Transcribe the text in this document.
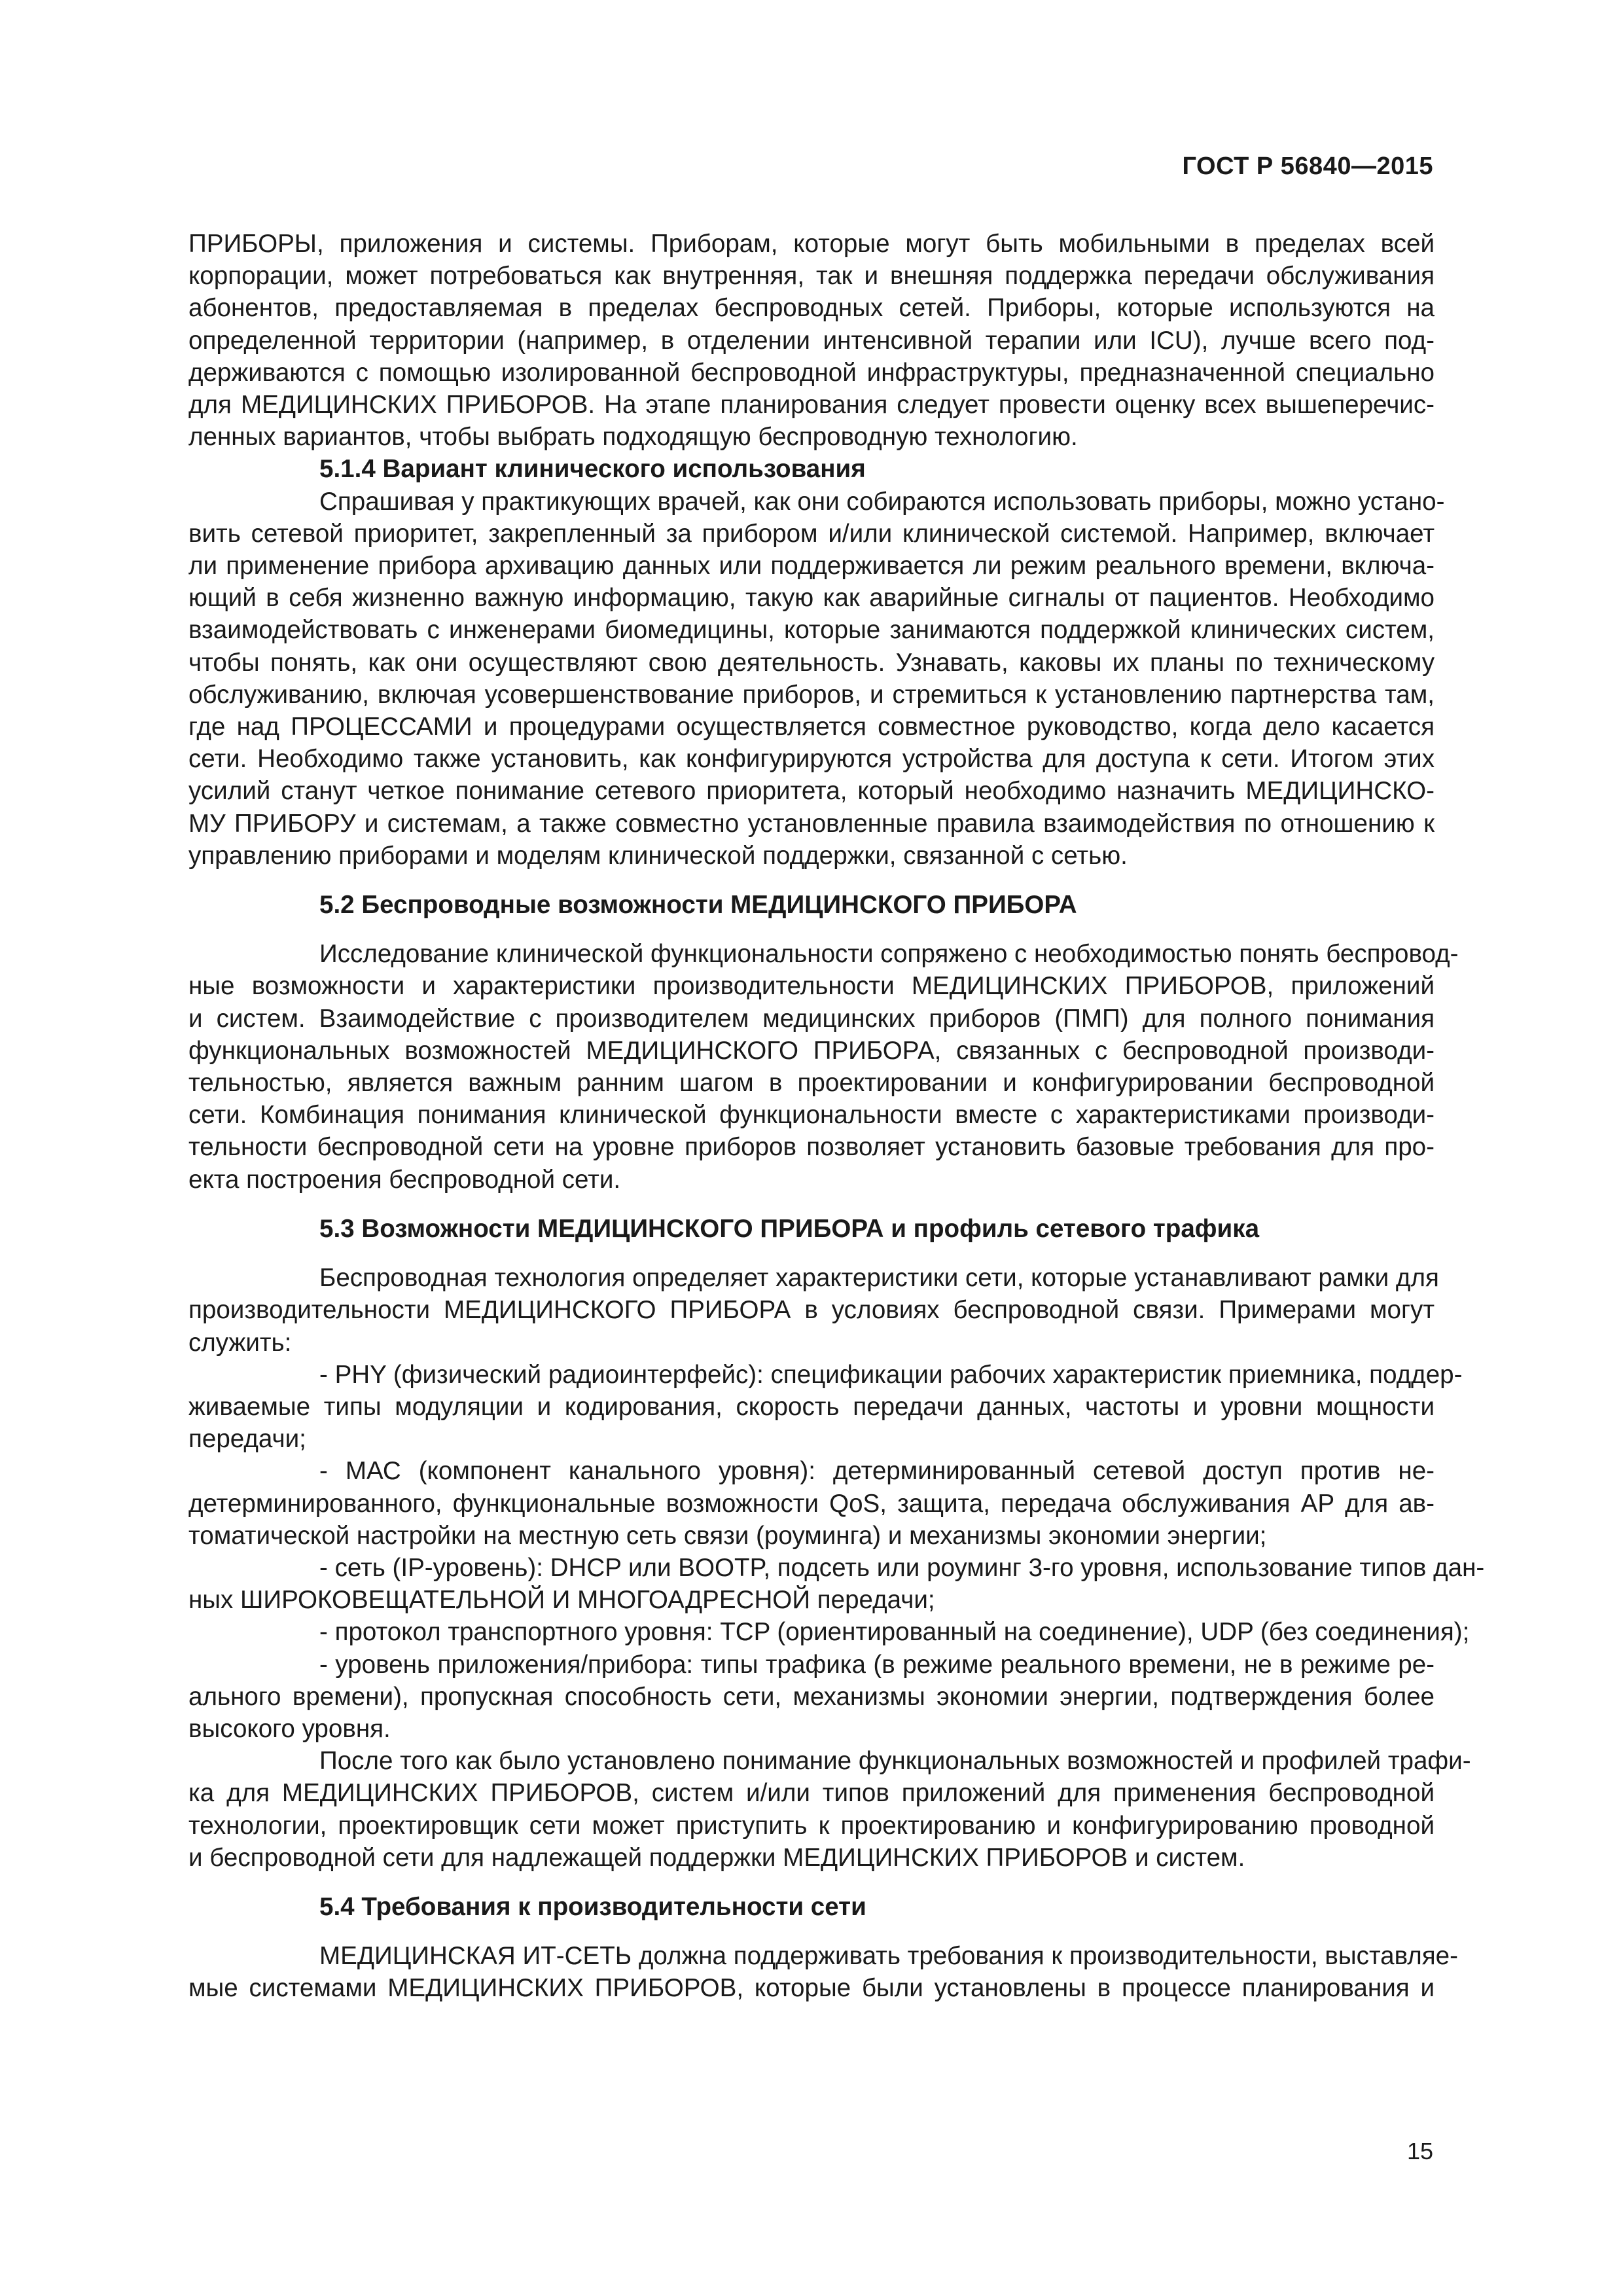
ГОСТ Р 56840—2015
ПРИБОРЫ, приложения и системы. Приборам, которые могут быть мобильными в пределах всей
корпорации, может потребоваться как внутренняя, так и внешняя поддержка передачи обслуживания
абонентов, предоставляемая в пределах беспроводных сетей. Приборы, которые используются на
определенной территории (например, в отделении интенсивной терапии или ICU), лучше всего под-
держиваются с помощью изолированной беспроводной инфраструктуры, предназначенной специально
для МЕДИЦИНСКИХ ПРИБОРОВ. На этапе планирования следует провести оценку всех вышеперечис-
ленных вариантов, чтобы выбрать подходящую беспроводную технологию.
5.1.4 Вариант клинического использования
Спрашивая у практикующих врачей, как они собираются использовать приборы, можно устано-
вить сетевой приоритет, закрепленный за прибором и/или клинической системой. Например, включает
ли применение прибора архивацию данных или поддерживается ли режим реального времени, включа-
ющий в себя жизненно важную информацию, такую как аварийные сигналы от пациентов. Необходимо
взаимодействовать с инженерами биомедицины, которые занимаются поддержкой клинических систем,
чтобы понять, как они осуществляют свою деятельность. Узнавать, каковы их планы по техническому
обслуживанию, включая усовершенствование приборов, и стремиться к установлению партнерства там,
где над ПРОЦЕССАМИ и процедурами осуществляется совместное руководство, когда дело касается
сети. Необходимо также установить, как конфигурируются устройства для доступа к сети. Итогом этих
усилий станут четкое понимание сетевого приоритета, который необходимо назначить МЕДИЦИНСКО-
МУ ПРИБОРУ и системам, а также совместно установленные правила взаимодействия по отношению к
управлению приборами и моделям клинической поддержки, связанной с сетью.
5.2 Беспроводные возможности МЕДИЦИНСКОГО ПРИБОРА
Исследование клинической функциональности сопряжено с необходимостью понять беспровод-
ные возможности и характеристики производительности МЕДИЦИНСКИХ ПРИБОРОВ, приложений
и систем. Взаимодействие с производителем медицинских приборов (ПМП) для полного понимания
функциональных возможностей МЕДИЦИНСКОГО ПРИБОРА, связанных с беспроводной производи-
тельностью, является важным ранним шагом в проектировании и конфигурировании беспроводной
сети. Комбинация понимания клинической функциональности вместе с характеристиками производи-
тельности беспроводной сети на уровне приборов позволяет установить базовые требования для про-
екта построения беспроводной сети.
5.3 Возможности МЕДИЦИНСКОГО ПРИБОРА и профиль сетевого трафика
Беспроводная технология определяет характеристики сети, которые устанавливают рамки для
производительности МЕДИЦИНСКОГО ПРИБОРА в условиях беспроводной связи. Примерами могут
служить:
- PHY (физический радиоинтерфейс): спецификации рабочих характеристик приемника, поддер-
живаемые типы модуляции и кодирования, скорость передачи данных, частоты и уровни мощности
передачи;
- МАС (компонент канального уровня): детерминированный сетевой доступ против не-
детерминированного, функциональные возможности QoS, защита, передача обслуживания АР для ав-
томатической настройки на местную сеть связи (роуминга) и механизмы экономии энергии;
- сеть (IP-уровень): DHCP или BOOTP, подсеть или роуминг 3-го уровня, использование типов дан-
ных ШИРОКОВЕЩАТЕЛЬНОЙ И МНОГОАДРЕСНОЙ передачи;
- протокол транспортного уровня: TCP (ориентированный на соединение), UDP (без соединения);
- уровень приложения/прибора: типы трафика (в режиме реального времени, не в режиме ре-
ального времени), пропускная способность сети, механизмы экономии энергии, подтверждения более
высокого уровня.
После того как было установлено понимание функциональных возможностей и профилей трафи-
ка для МЕДИЦИНСКИХ ПРИБОРОВ, систем и/или типов приложений для применения беспроводной
технологии, проектировщик сети может приступить к проектированию и конфигурированию проводной
и беспроводной сети для надлежащей поддержки МЕДИЦИНСКИХ ПРИБОРОВ и систем.
5.4 Требования к производительности сети
МЕДИЦИНСКАЯ ИТ-СЕТЬ должна поддерживать требования к производительности, выставляе-
мые системами МЕДИЦИНСКИХ ПРИБОРОВ, которые были установлены в процессе планирования и
15
